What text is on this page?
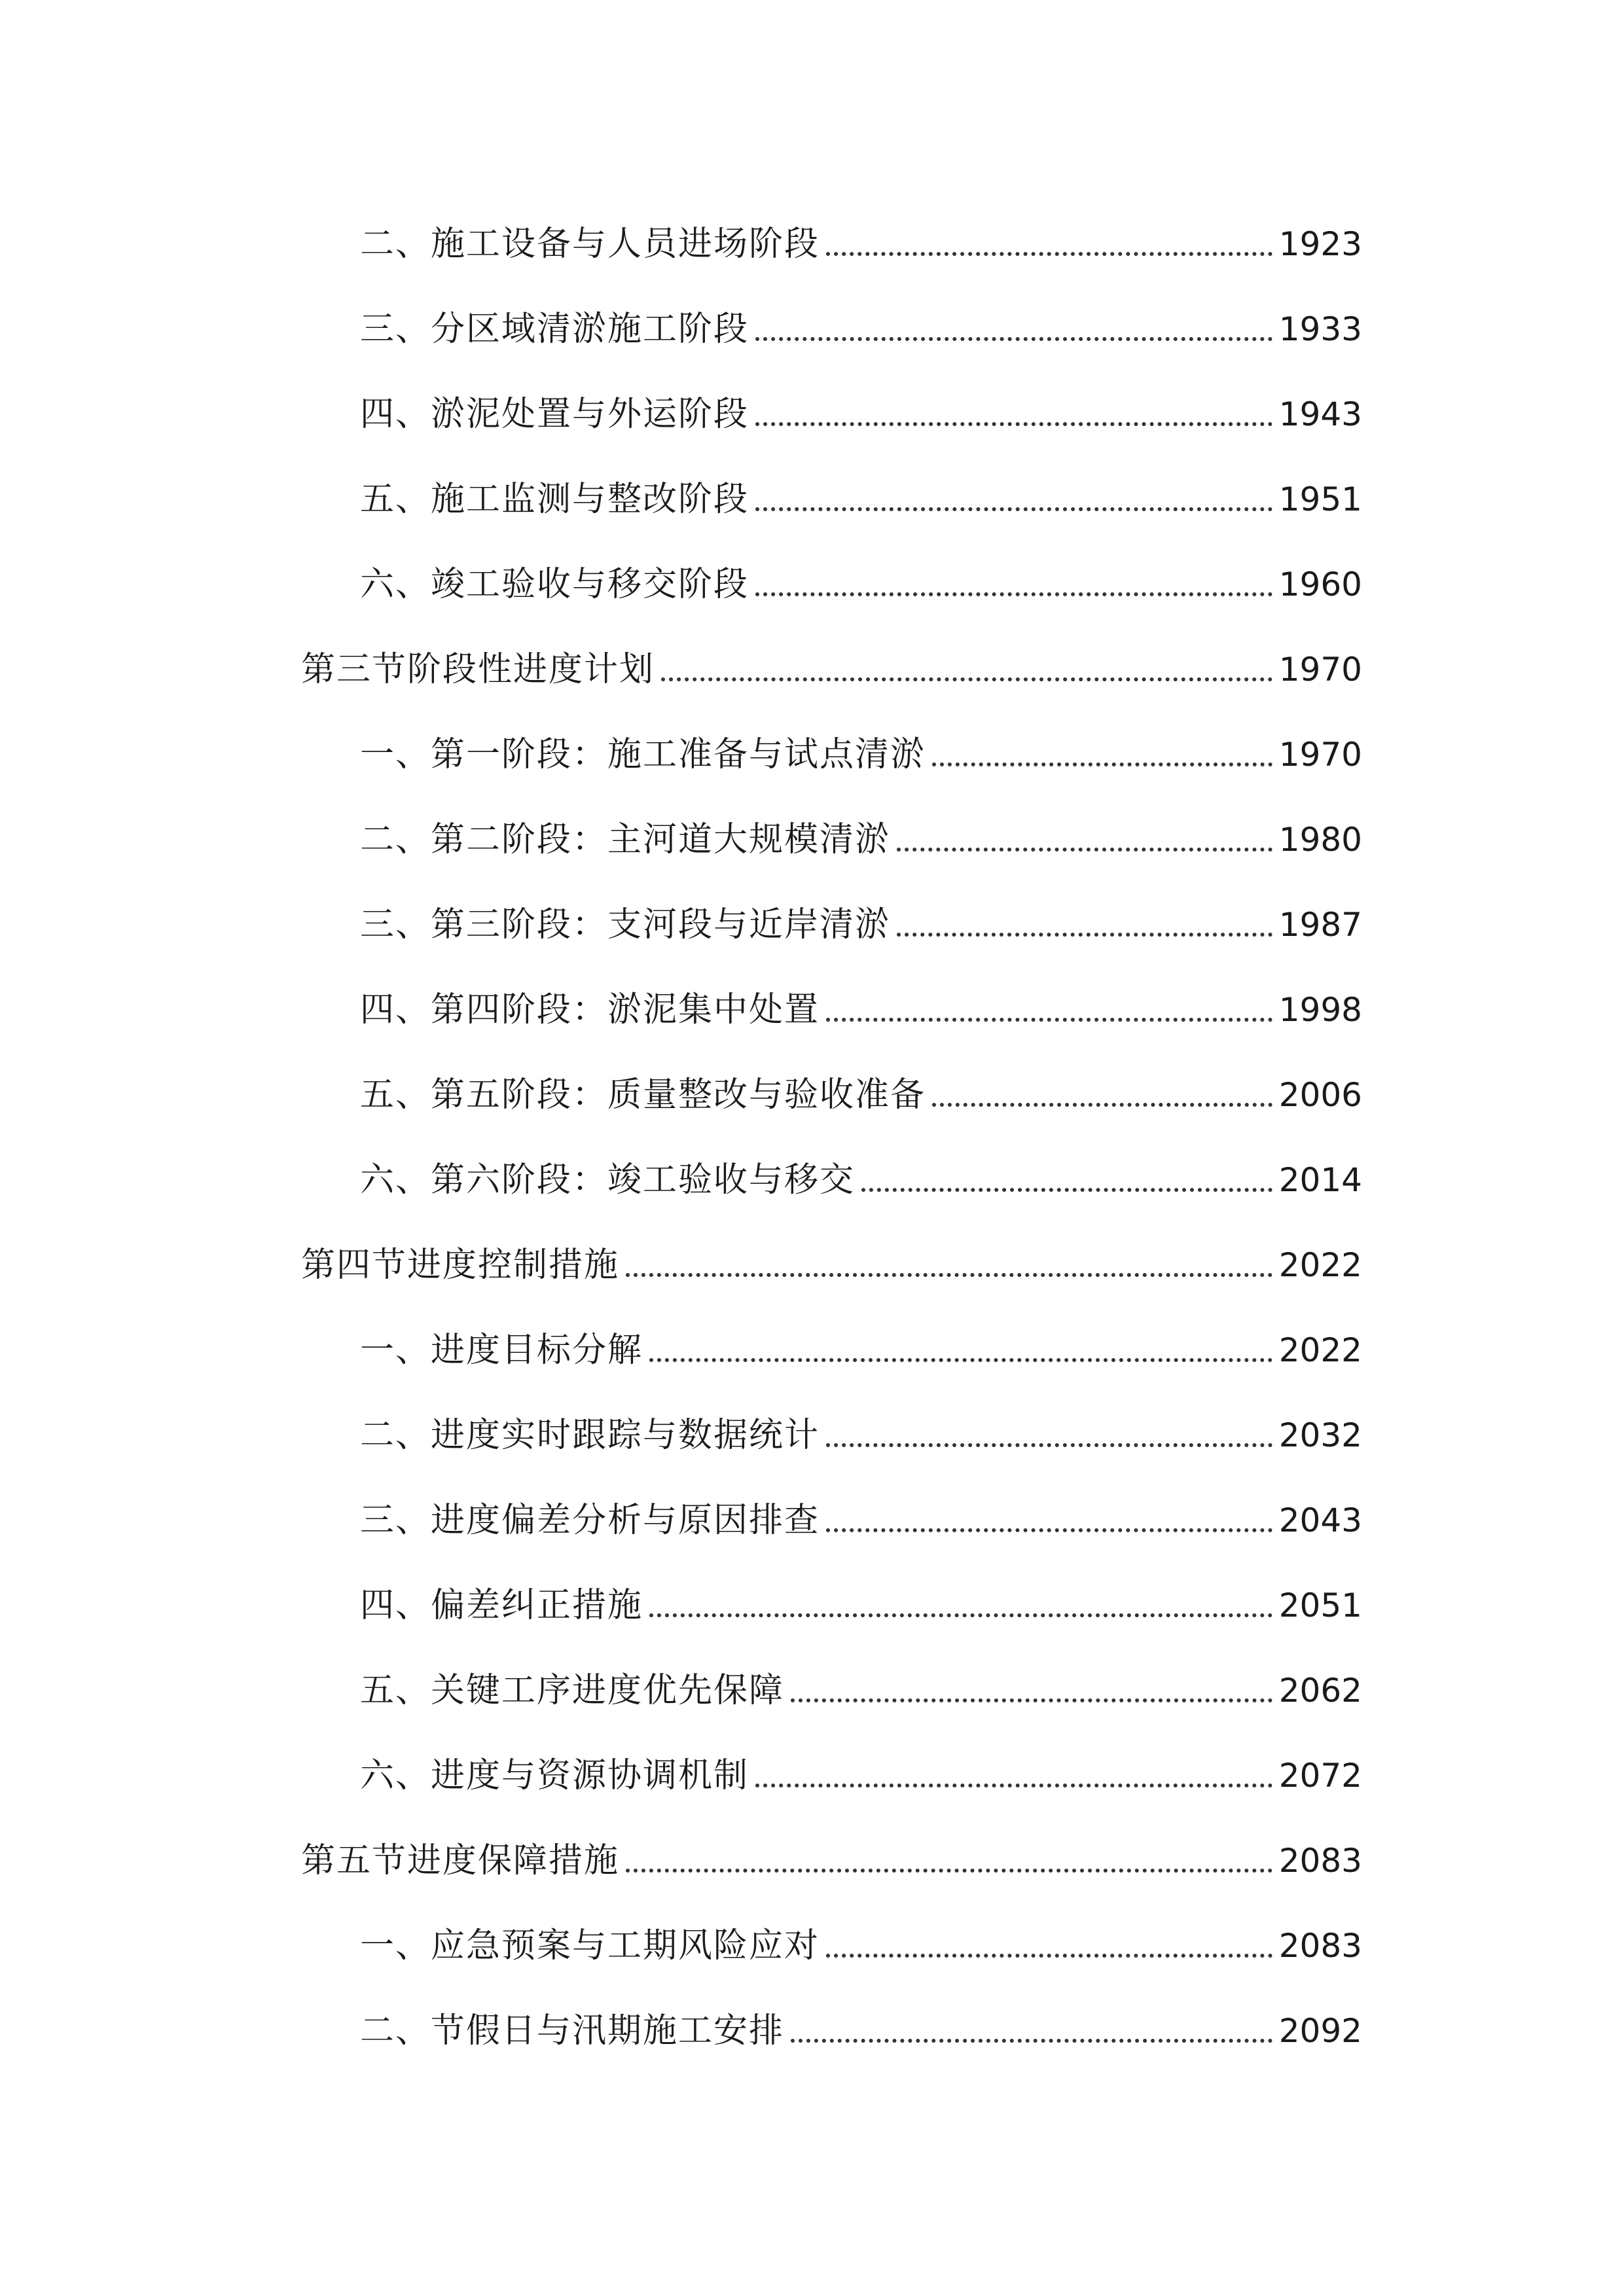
二、施工设备与人员进场阶段	1923
三、分区域清淤施工阶段	1933
四、淤泥处置与外运阶段	1943
五、施工监测与整改阶段	1951
六、竣工验收与移交阶段	1960
第三节阶段性进度计划	1970
一、第一阶段：施工准备与试点清淤	1970
二、第二阶段：主河道大规模清淤	1980
三、第三阶段：支河段与近岸清淤	1987
四、第四阶段：淤泥集中处置	1998
五、第五阶段：质量整改与验收准备	2006
六、第六阶段：竣工验收与移交	2014
第四节进度控制措施	2022
一、进度目标分解	2022
二、进度实时跟踪与数据统计	2032
三、进度偏差分析与原因排查	2043
四、偏差纠正措施	2051
五、关键工序进度优先保障	2062
六、进度与资源协调机制	2072
第五节进度保障措施	2083
一、应急预案与工期风险应对	2083
二、节假日与汛期施工安排	2092
